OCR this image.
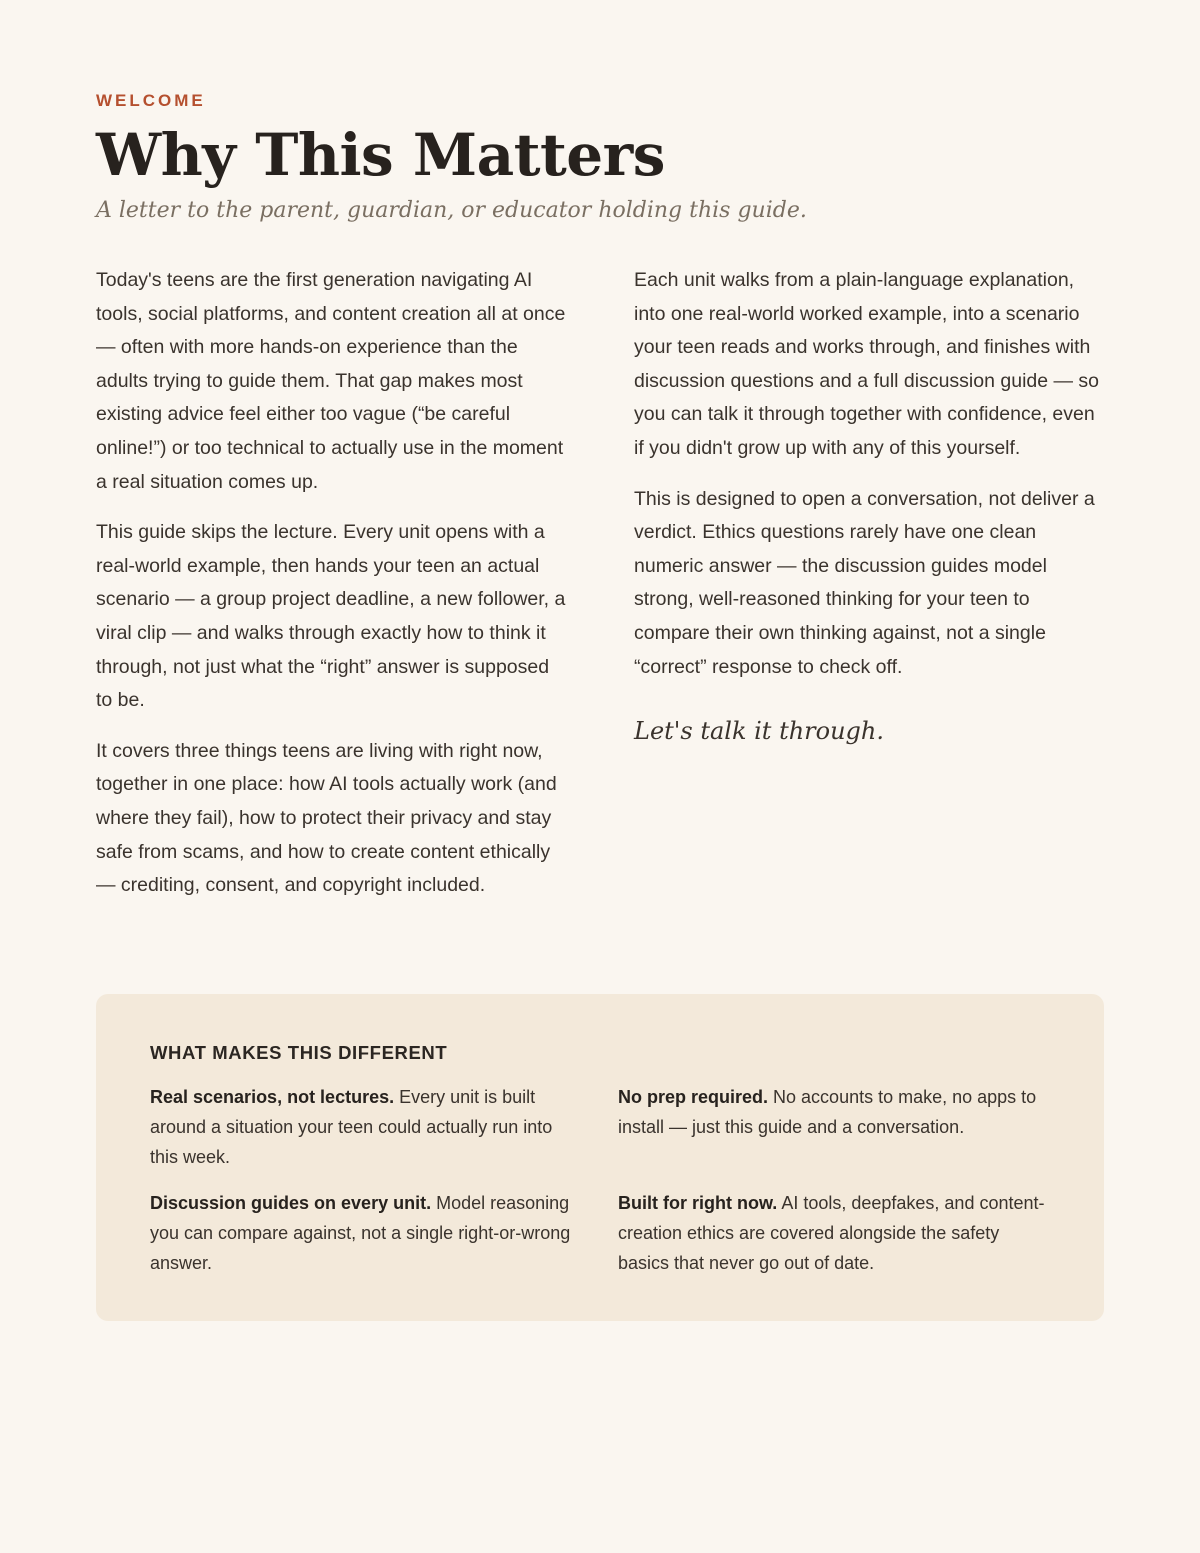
WELCOME

Why This Matters

A letter to the parent, guardian, or educator holding this guide.

Today's teens are the first generation navigating AI tools, social platforms, and content creation all at once — often with more hands-on experience than the adults trying to guide them. That gap makes most existing advice feel either too vague (“be careful online!”) or too technical to actually use in the moment a real situation comes up.

This guide skips the lecture. Every unit opens with a real-world example, then hands your teen an actual scenario — a group project deadline, a new follower, a viral clip — and walks through exactly how to think it through, not just what the “right” answer is supposed to be.

It covers three things teens are living with right now, together in one place: how AI tools actually work (and where they fail), how to protect their privacy and stay safe from scams, and how to create content ethically — crediting, consent, and copyright included.

Each unit walks from a plain-language explanation, into one real-world worked example, into a scenario your teen reads and works through, and finishes with discussion questions and a full discussion guide — so you can talk it through together with confidence, even if you didn't grow up with any of this yourself.

This is designed to open a conversation, not deliver a verdict. Ethics questions rarely have one clean numeric answer — the discussion guides model strong, well-reasoned thinking for your teen to compare their own thinking against, not a single “correct” response to check off.

Let's talk it through.
WHAT MAKES THIS DIFFERENT

Real scenarios, not lectures. Every unit is built around a situation your teen could actually run into this week.

No prep required. No accounts to make, no apps to install — just this guide and a conversation.

Discussion guides on every unit. Model reasoning you can compare against, not a single right-or-wrong answer.

Built for right now. AI tools, deepfakes, and content-creation ethics are covered alongside the safety basics that never go out of date.
